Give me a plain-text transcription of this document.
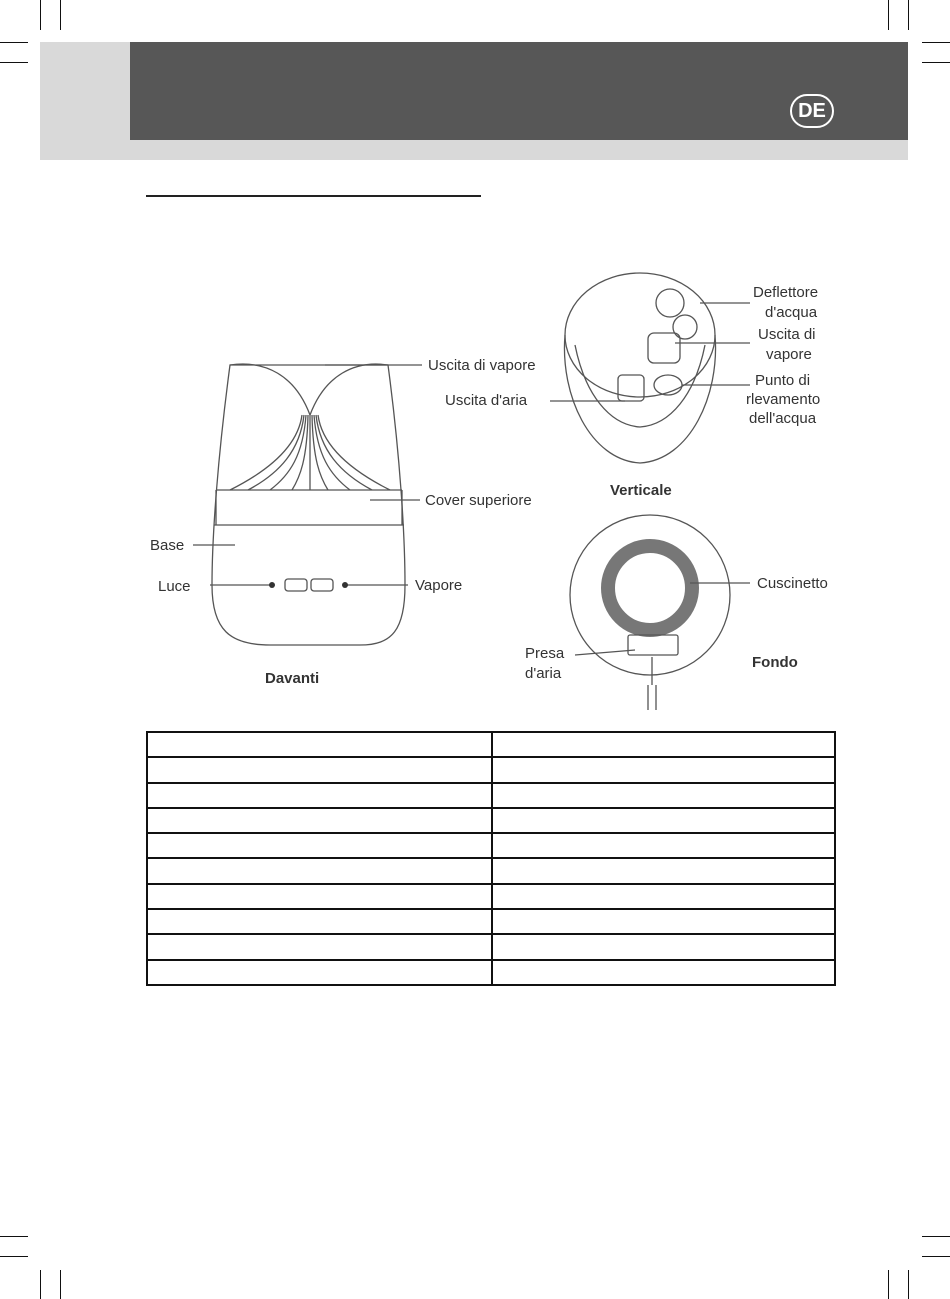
DE
Uscita di vapore
Cover superiore
Base
Luce	Vapore
Davanti
Deflettore
d'acqua
Uscita di
vapore
Uscita d'aria
Punto di
rlevamento
dell'acqua
Verticale
Cuscinetto
Presa
d'aria
Fondo
